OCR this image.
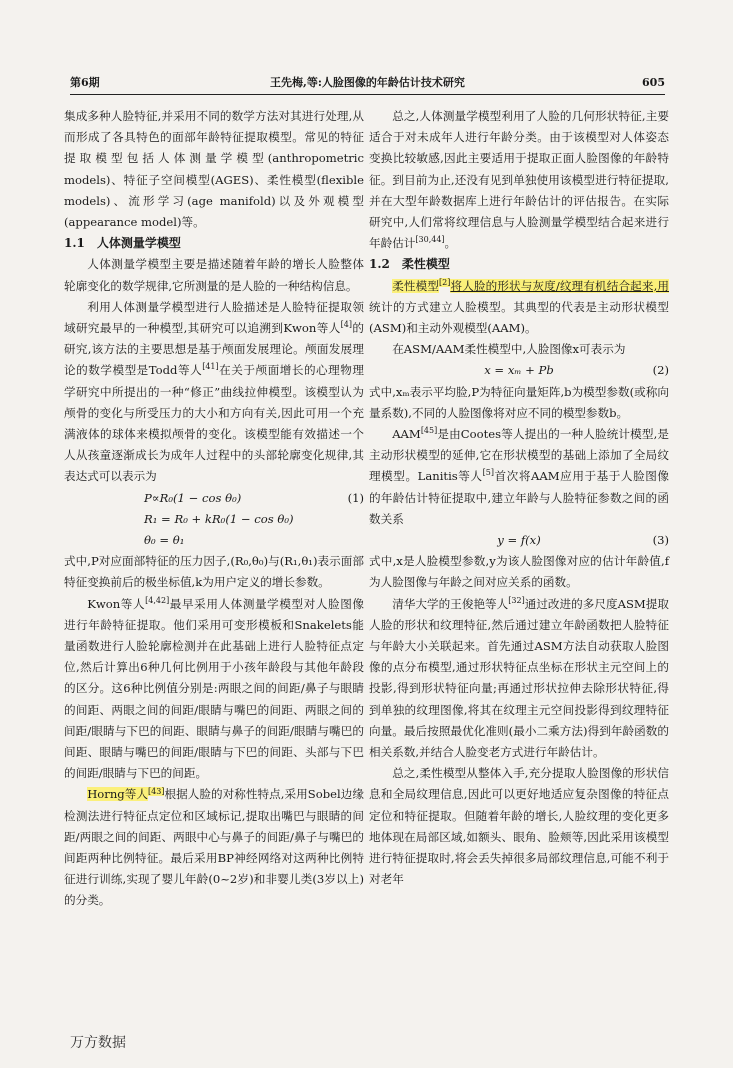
第6期	王先梅,等:人脸图像的年龄估计技术研究	605

集成多种人脸特征,并采用不同的数学方法对其进行处理,从而形成了各具特色的面部年龄特征提取模型。常见的特征提取模型包括人体测量学模型(anthropometric models)、特征子空间模型(AGES)、柔性模型(flexible models)、流形学习(age manifold)以及外观模型(appearance model)等。

1.1　人体测量学模型

人体测量学模型主要是描述随着年龄的增长人脸整体轮廓变化的数学规律,它所测量的是人脸的一种结构信息。

利用人体测量学模型进行人脸描述是人脸特征提取领域研究最早的一种模型,其研究可以追溯到Kwon等人[4]的研究,该方法的主要思想是基于颅面发展理论。颅面发展理论的数学模型是Todd等人[41]在关于颅面增长的心理物理学研究中所提出的一种“修正”曲线拉伸模型。该模型认为颅骨的变化与所受压力的大小和方向有关,因此可用一个充满液体的球体来模拟颅骨的变化。该模型能有效描述一个人从孩童逐渐成长为成年人过程中的头部轮廓变化规律,其表达式可以表示为

P∝R₀(1 − cos θ₀)	(1)
R₁ = R₀ + kR₀(1 − cos θ₀)
θ₀ = θ₁

式中,P对应面部特征的压力因子,(R₀,θ₀)与(R₁,θ₁)表示面部特征变换前后的极坐标值,k为用户定义的增长参数。

Kwon等人[4,42]最早采用人体测量学模型对人脸图像进行年龄特征提取。他们采用可变形模板和Snakelets能量函数进行人脸轮廓检测并在此基础上进行人脸特征点定位,然后计算出6种几何比例用于小孩年龄段与其他年龄段的区分。这6种比例值分别是:两眼之间的间距/鼻子与眼睛的间距、两眼之间的间距/眼睛与嘴巴的间距、两眼之间的间距/眼睛与下巴的间距、眼睛与鼻子的间距/眼睛与嘴巴的间距、眼睛与嘴巴的间距/眼睛与下巴的间距、头部与下巴的间距/眼睛与下巴的间距。

Horng等人[43]根据人脸的对称性特点,采用Sobel边缘检测法进行特征点定位和区域标记,提取出嘴巴与眼睛的间距/两眼之间的间距、两眼中心与鼻子的间距/鼻子与嘴巴的间距两种比例特征。最后采用BP神经网络对这两种比例特征进行训练,实现了婴儿年龄(0~2岁)和非婴儿类(3岁以上)的分类。

总之,人体测量学模型利用了人脸的几何形状特征,主要适合于对未成年人进行年龄分类。由于该模型对人体姿态变换比较敏感,因此主要适用于提取正面人脸图像的年龄特征。到目前为止,还没有见到单独使用该模型进行特征提取,并在大型年龄数据库上进行年龄估计的评估报告。在实际研究中,人们常将纹理信息与人脸测量学模型结合起来进行年龄估计[30,44]。

1.2　柔性模型

柔性模型[2]将人脸的形状与灰度/纹理有机结合起来,用统计的方式建立人脸模型。其典型的代表是主动形状模型(ASM)和主动外观模型(AAM)。

在ASM/AAM柔性模型中,人脸图像x可表示为

x = xₘ + Pb	(2)

式中,xₘ表示平均脸,P为特征向量矩阵,b为模型参数(或称向量系数),不同的人脸图像将对应不同的模型参数b。

AAM[45]是由Cootes等人提出的一种人脸统计模型,是主动形状模型的延伸,它在形状模型的基础上添加了全局纹理模型。Lanitis等人[5]首次将AAM应用于基于人脸图像的年龄估计特征提取中,建立年龄与人脸特征参数之间的函数关系

y = f(x)	(3)

式中,x是人脸模型参数,y为该人脸图像对应的估计年龄值,f为人脸图像与年龄之间对应关系的函数。

清华大学的王俊艳等人[32]通过改进的多尺度ASM提取人脸的形状和纹理特征,然后通过建立年龄函数把人脸特征与年龄大小关联起来。首先通过ASM方法自动获取人脸图像的点分布模型,通过形状特征点坐标在形状主元空间上的投影,得到形状特征向量;再通过形状拉伸去除形状特征,得到单独的纹理图像,将其在纹理主元空间投影得到纹理特征向量。最后按照最优化准则(最小二乘方法)得到年龄函数的相关系数,并结合人脸变老方式进行年龄估计。

总之,柔性模型从整体入手,充分提取人脸图像的形状信息和全局纹理信息,因此可以更好地适应复杂图像的特征点定位和特征提取。但随着年龄的增长,人脸纹理的变化更多地体现在局部区域,如额头、眼角、脸颊等,因此采用该模型进行特征提取时,将会丢失掉很多局部纹理信息,可能不利于对老年

万方数据
